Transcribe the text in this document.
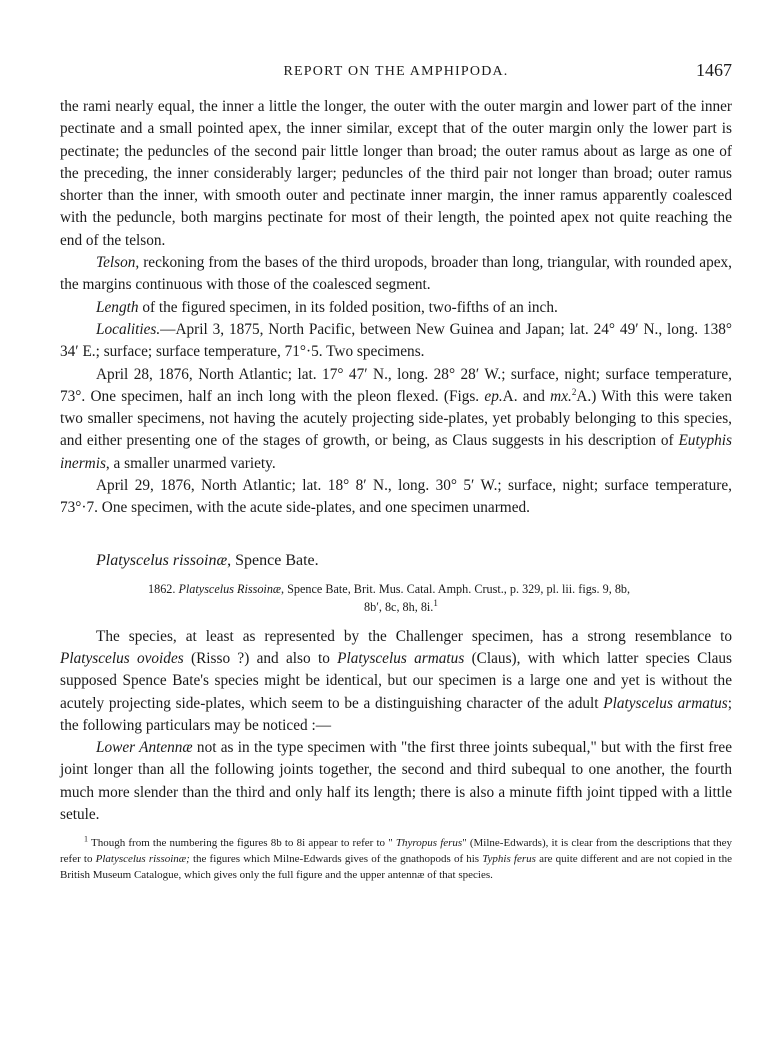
REPORT ON THE AMPHIPODA.	1467

the rami nearly equal, the inner a little the longer, the outer with the outer margin and lower part of the inner pectinate and a small pointed apex, the inner similar, except that of the outer margin only the lower part is pectinate; the peduncles of the second pair little longer than broad; the outer ramus about as large as one of the preceding, the inner considerably larger; peduncles of the third pair not longer than broad; outer ramus shorter than the inner, with smooth outer and pectinate inner margin, the inner ramus apparently coalesced with the peduncle, both margins pectinate for most of their length, the pointed apex not quite reaching the end of the telson.

Telson, reckoning from the bases of the third uropods, broader than long, triangular, with rounded apex, the margins continuous with those of the coalesced segment.

Length of the figured specimen, in its folded position, two-fifths of an inch.

Localities.—April 3, 1875, North Pacific, between New Guinea and Japan; lat. 24° 49′ N., long. 138° 34′ E.; surface; surface temperature, 71°·5. Two specimens.

April 28, 1876, North Atlantic; lat. 17° 47′ N., long. 28° 28′ W.; surface, night; surface temperature, 73°. One specimen, half an inch long with the pleon flexed. (Figs. ep.A. and mx.$^2$A.) With this were taken two smaller specimens, not having the acutely projecting side-plates, yet probably belonging to this species, and either presenting one of the stages of growth, or being, as Claus suggests in his description of Eutyphis inermis, a smaller unarmed variety.

April 29, 1876, North Atlantic; lat. 18° 8′ N., long. 30° 5′ W.; surface, night; surface temperature, 73°·7. One specimen, with the acute side-plates, and one specimen unarmed.

Platyscelus rissoinæ, Spence Bate.

1862. Platyscelus Rissoinæ, Spence Bate, Brit. Mus. Catal. Amph. Crust., p. 329, pl. lii. figs. 9, 8b,
8b′, 8c, 8h, 8i.$^1$

The species, at least as represented by the Challenger specimen, has a strong resemblance to Platyscelus ovoides (Risso ?) and also to Platyscelus armatus (Claus), with which latter species Claus supposed Spence Bate's species might be identical, but our specimen is a large one and yet is without the acutely projecting side-plates, which seem to be a distinguishing character of the adult Platyscelus armatus; the following particulars may be noticed :—

Lower Antennæ not as in the type specimen with "the first three joints subequal," but with the first free joint longer than all the following joints together, the second and third subequal to one another, the fourth much more slender than the third and only half its length; there is also a minute fifth joint tipped with a little setule.

$^1$ Though from the numbering the figures 8b to 8i appear to refer to " Thyropus ferus" (Milne-Edwards), it is clear from the descriptions that they refer to Platyscelus rissoinæ; the figures which Milne-Edwards gives of the gnathopods of his Typhis ferus are quite different and are not copied in the British Museum Catalogue, which gives only the full figure and the upper antennæ of that species.
